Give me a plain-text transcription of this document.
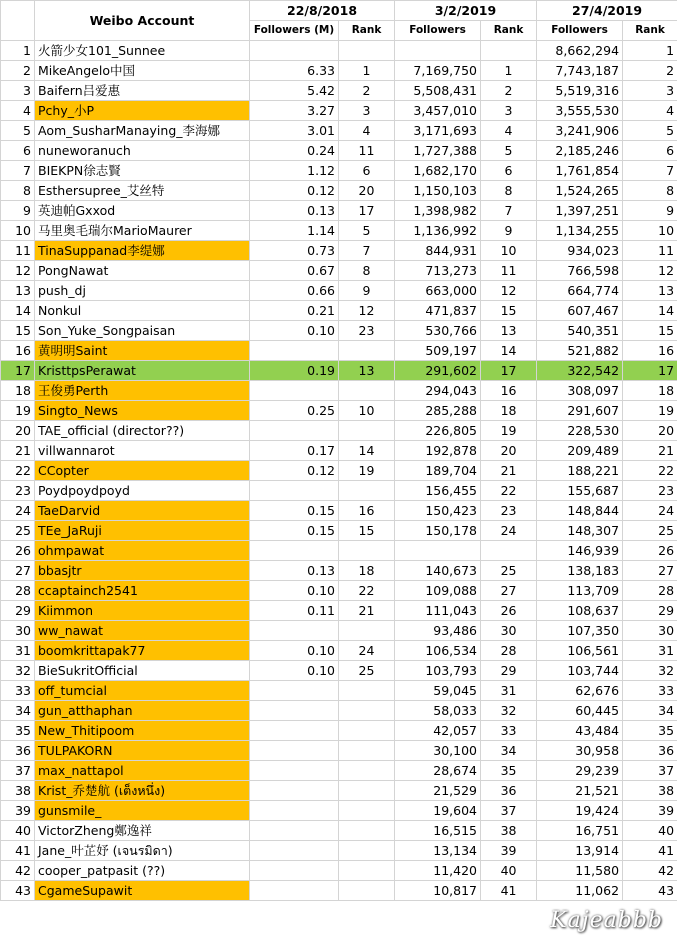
	Weibo Account	22/8/2018		3/2/2019		27/4/2019	
		Followers (M)	Rank	Followers	Rank	Followers	Rank
1	火箭少女101_Sunnee					8,662,294	1
2	MikeAngelo中国	6.33	1	7,169,750	1	7,743,187	2
3	Baifern吕爱惠	5.42	2	5,508,431	2	5,519,316	3
4	Pchy_小P	3.27	3	3,457,010	3	3,555,530	4
5	Aom_SusharManaying_李海娜	3.01	4	3,171,693	4	3,241,906	5
6	nuneworanuch	0.24	11	1,727,388	5	2,185,246	6
7	BIEKPN徐志賢	1.12	6	1,682,170	6	1,761,854	7
8	Esthersupree_艾丝特	0.12	20	1,150,103	8	1,524,265	8
9	英迪帕Gxxod	0.13	17	1,398,982	7	1,397,251	9
10	马里奥毛瑞尔MarioMaurer	1.14	5	1,136,992	9	1,134,255	10
11	TinaSuppanad李缇娜	0.73	7	844,931	10	934,023	11
12	PongNawat	0.67	8	713,273	11	766,598	12
13	push_dj	0.66	9	663,000	12	664,774	13
14	Nonkul	0.21	12	471,837	15	607,467	14
15	Son_Yuke_Songpaisan	0.10	23	530,766	13	540,351	15
16	黄明明Saint			509,197	14	521,882	16
17	KristtpsPerawat	0.19	13	291,602	17	322,542	17
18	王俊勇Perth			294,043	16	308,097	18
19	Singto_News	0.25	10	285,288	18	291,607	19
20	TAE_official (director??)			226,805	19	228,530	20
21	villwannarot	0.17	14	192,878	20	209,489	21
22	CCopter	0.12	19	189,704	21	188,221	22
23	Poydpoydpoyd			156,455	22	155,687	23
24	TaeDarvid	0.15	16	150,423	23	148,844	24
25	TEe_JaRuji	0.15	15	150,178	24	148,307	25
26	ohmpawat					146,939	26
27	bbasjtr	0.13	18	140,673	25	138,183	27
28	ccaptainch2541	0.10	22	109,088	27	113,709	28
29	Kiimmon	0.11	21	111,043	26	108,637	29
30	ww_nawat			93,486	30	107,350	30
31	boomkrittapak77	0.10	24	106,534	28	106,561	31
32	BieSukritOfficial	0.10	25	103,793	29	103,744	32
33	off_tumcial			59,045	31	62,676	33
34	gun_atthaphan			58,033	32	60,445	34
35	New_Thitipoom			42,057	33	43,484	35
36	TULPAKORN			30,100	34	30,958	36
37	max_nattapol			28,674	35	29,239	37
38	Krist_乔楚航 (เต็งหนึ่ง)			21,529	36	21,521	38
39	gunsmile_			19,604	37	19,424	39
40	VictorZheng鄭逸祥			16,515	38	16,751	40
41	Jane_叶芷妤 (เจนรมิดา)			13,134	39	13,914	41
42	cooper_patpasit (??)			11,420	40	11,580	42
43	CgameSupawit			10,817	41	11,062	43
Kajeabbb
